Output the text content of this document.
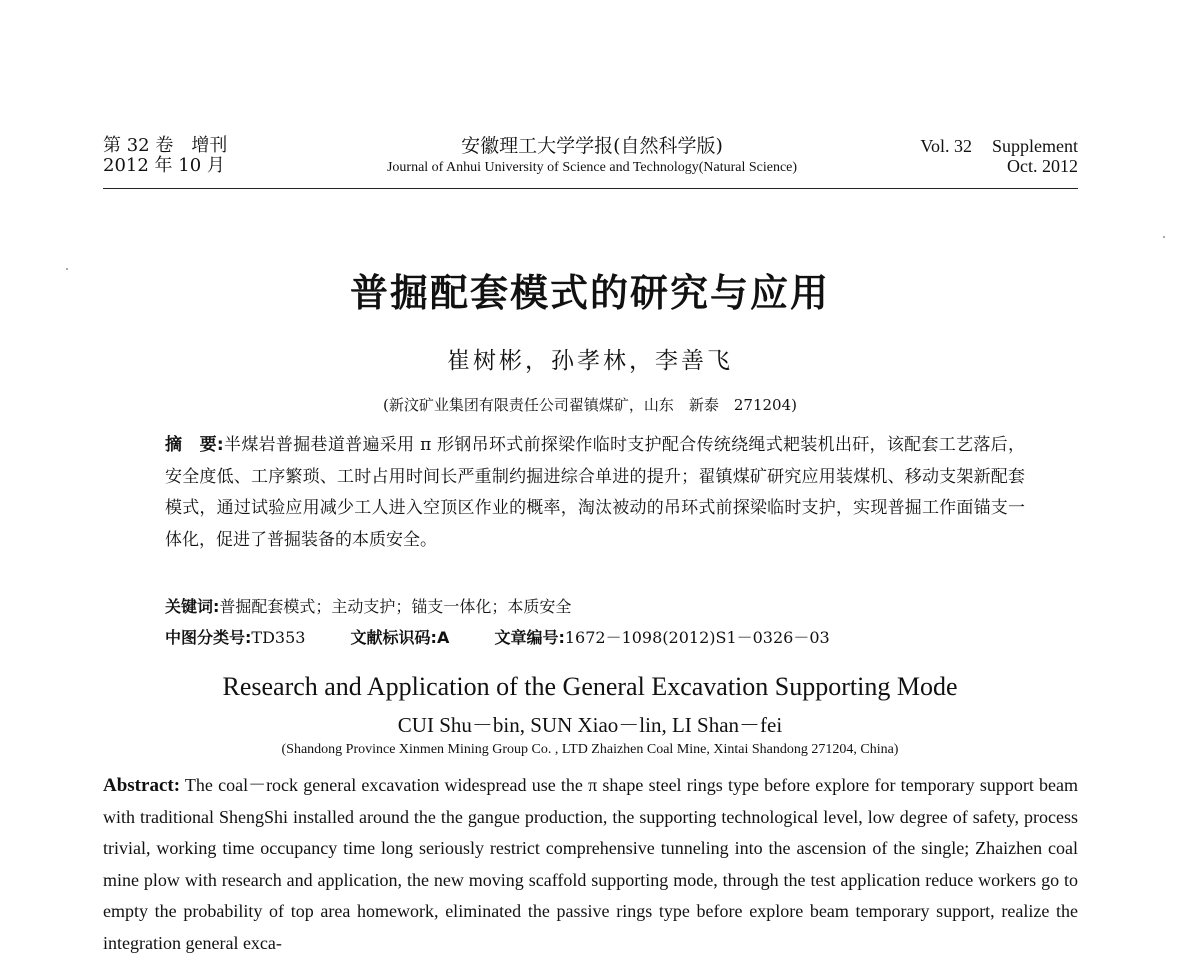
第 32 卷　增刊
2012 年 10 月
安徽理工大学学报(自然科学版)
Journal of Anhui University of Science and Technology(Natural Science)
Vol. 32 Supplement
Oct. 2012
普掘配套模式的研究与应用
崔树彬，孙孝林，李善飞
(新汶矿业集团有限责任公司翟镇煤矿，山东　新泰　271204)
摘　要:半煤岩普掘巷道普遍采用 π 形钢吊环式前探梁作临时支护配合传统绕绳式耙装机出矸，该配套工艺落后，安全度低、工序繁琐、工时占用时间长严重制约掘进综合单进的提升；翟镇煤矿研究应用装煤机、移动支架新配套模式，通过试验应用减少工人进入空顶区作业的概率，淘汰被动的吊环式前探梁临时支护，实现普掘工作面锚支一体化，促进了普掘装备的本质安全。
关键词:普掘配套模式；主动支护；锚支一体化；本质安全
中图分类号:TD353	文献标识码:A	文章编号:1672－1098(2012)S1－0326－03
Research and Application of the General Excavation Supporting Mode
CUI Shu－bin, SUN Xiao－lin, LI Shan－fei
(Shandong Province Xinmen Mining Group Co. , LTD Zhaizhen Coal Mine, Xintai Shandong 271204, China)
Abstract: The coal－rock general excavation widespread use the π shape steel rings type before explore for temporary support beam with traditional ShengShi installed around the the gangue production, the supporting technological level, low degree of safety, process trivial, working time occupancy time long seriously restrict comprehensive tunneling into the ascension of the single; Zhaizhen coal mine plow with research and application, the new moving scaffold supporting mode, through the test application reduce workers go to empty the probability of top area homework, eliminated the passive rings type before explore beam temporary support, realize the integration general exca-
